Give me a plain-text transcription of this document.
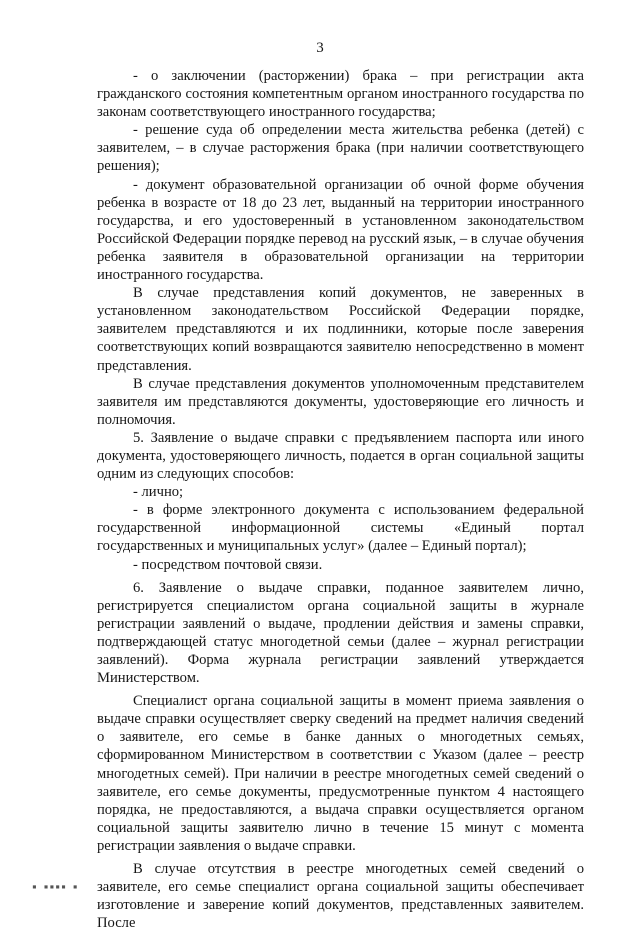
3

- о заключении (расторжении) брака – при регистрации акта гражданского состояния компетентным органом иностранного государства по законам соответствующего иностранного государства;

- решение суда об определении места жительства ребенка (детей) с заявителем, – в случае расторжения брака (при наличии соответствующего решения);

- документ образовательной организации об очной форме обучения ребенка в возрасте от 18 до 23 лет, выданный на территории иностранного государства, и его удостоверенный в установленном законодательством Российской Федерации порядке перевод на русский язык, – в случае обучения ребенка заявителя в образовательной организации на территории иностранного государства.

В случае представления копий документов, не заверенных в установленном законодательством Российской Федерации порядке, заявителем представляются и их подлинники, которые после заверения соответствующих копий возвращаются заявителю непосредственно в момент представления.

В случае представления документов уполномоченным представителем заявителя им представляются документы, удостоверяющие его личность и полномочия.

5. Заявление о выдаче справки с предъявлением паспорта или иного документа, удостоверяющего личность, подается в орган социальной защиты одним из следующих способов:

- лично;

- в форме электронного документа с использованием федеральной государственной информационной системы «Единый портал государственных и муниципальных услуг» (далее – Единый портал);

- посредством почтовой связи.

6. Заявление о выдаче справки, поданное заявителем лично, регистрируется специалистом органа социальной защиты в журнале регистрации заявлений о выдаче, продлении действия и замены справки, подтверждающей статус многодетной семьи (далее – журнал регистрации заявлений). Форма журнала регистрации заявлений утверждается Министерством.

Специалист органа социальной защиты в момент приема заявления о выдаче справки осуществляет сверку сведений на предмет наличия сведений о заявителе, его семье в банке данных о многодетных семьях, сформированном Министерством в соответствии с Указом (далее – реестр многодетных семей). При наличии в реестре многодетных семей сведений о заявителе, его семье документы, предусмотренные пунктом 4 настоящего порядка, не предоставляются, а выдача справки осуществляется органом социальной защиты заявителю лично в течение 15 минут с момента регистрации заявления о выдаче справки.

В случае отсутствия в реестре многодетных семей сведений о заявителе, его семье специалист органа социальной защиты обеспечивает изготовление и заверение копий документов, представленных заявителем. После

▪ ▪▪▪▪ ▪
